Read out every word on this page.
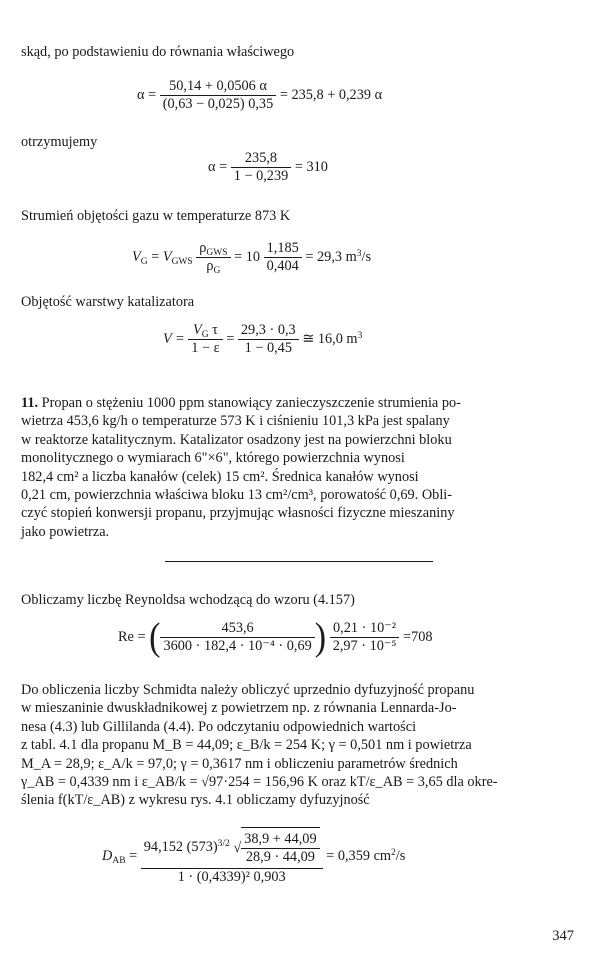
skąd, po podstawieniu do równania właściwego
$\alpha = \frac{50,14 + 0,0506 \alpha}{(0,63 - 0,025) 0,35} = 235,8 + 0,239$ α
otrzymujemy
$\alpha = \frac{235,8}{1 - 0,239} = 310$
Strumień objętości gazu w temperaturze 873 K
$V_G = V_{GWS} \frac{\rho_{GWS}}{\rho_G} = 10 \frac{1,185}{0,404} = 29,3$ $m^3/s$
Objętość warstwy katalizatora
$V = \frac{V_G \tau}{1 - \varepsilon} = \frac{29,3 \cdot 0,3}{1 - 0,45}$ ≅ 16,0 $m^3$

11. Propan o stężeniu 1000 ppm stanowiący zanieczyszczenie strumienia po-

wietrza 453,6 kg/h o temperaturze 573 K i ciśnieniu 101,3 kPa jest spalany

w reaktorze katalitycznym. Katalizator osadzony jest na powierzchni bloku

monolitycznego o wymiarach 6"×6", którego powierzchnia wynosi

182,4 cm² a liczba kanałów (celek) 15 cm². Średnica kanałów wynosi

0,21 cm, powierzchnia właściwa bloku 13 cm²/cm³, porowatość 0,69. Obli-

czyć stopień konwersji propanu, przyjmując własności fizyczne mieszaniny

jako powietrza.

Obliczamy liczbę Reynoldsa wchodzącą do wzoru (4.157)
Re = ( $\frac{453,6}{\text{3600 · 182,4 · 10⁻⁴ · 0,69}}$ ) $\frac{\text{0,21 · 10⁻²}}{\text{2,97 · 10⁻⁵}} =708$

Do obliczenia liczby Schmidta należy obliczyć uprzednio dyfuzyjność propanu

w mieszaninie dwuskładnikowej z powietrzem np. z równania Lennarda-Jo-

nesa (4.3) lub Gillilanda (4.4). Po odczytaniu odpowiednich wartości

z tabl. 4.1 dla propanu M_B = 44,09; ε_B/k = 254 K; γ = 0,501 nm i powietrza

M_A = 28,9; ε_A/k = 97,0; γ = 0,3617 nm i obliczeniu parametrów średnich

γ_AB = 0,4339 nm i ε_AB/k = √97·254 = 156,96 K oraz kT/ε_AB = 3,65 dla okre-

ślenia f(kT/ε_AB) z wykresu rys. 4.1 obliczamy dyfuzyjność

$D_{AB} = \frac{94,152 (573)^{3/2} √ \frac{38,9 + 44,09}{28,9 \cdot 44,09}}{\text{1 · (0,4339)² 0,903}} = 0,359$ $cm^2/s$
347
